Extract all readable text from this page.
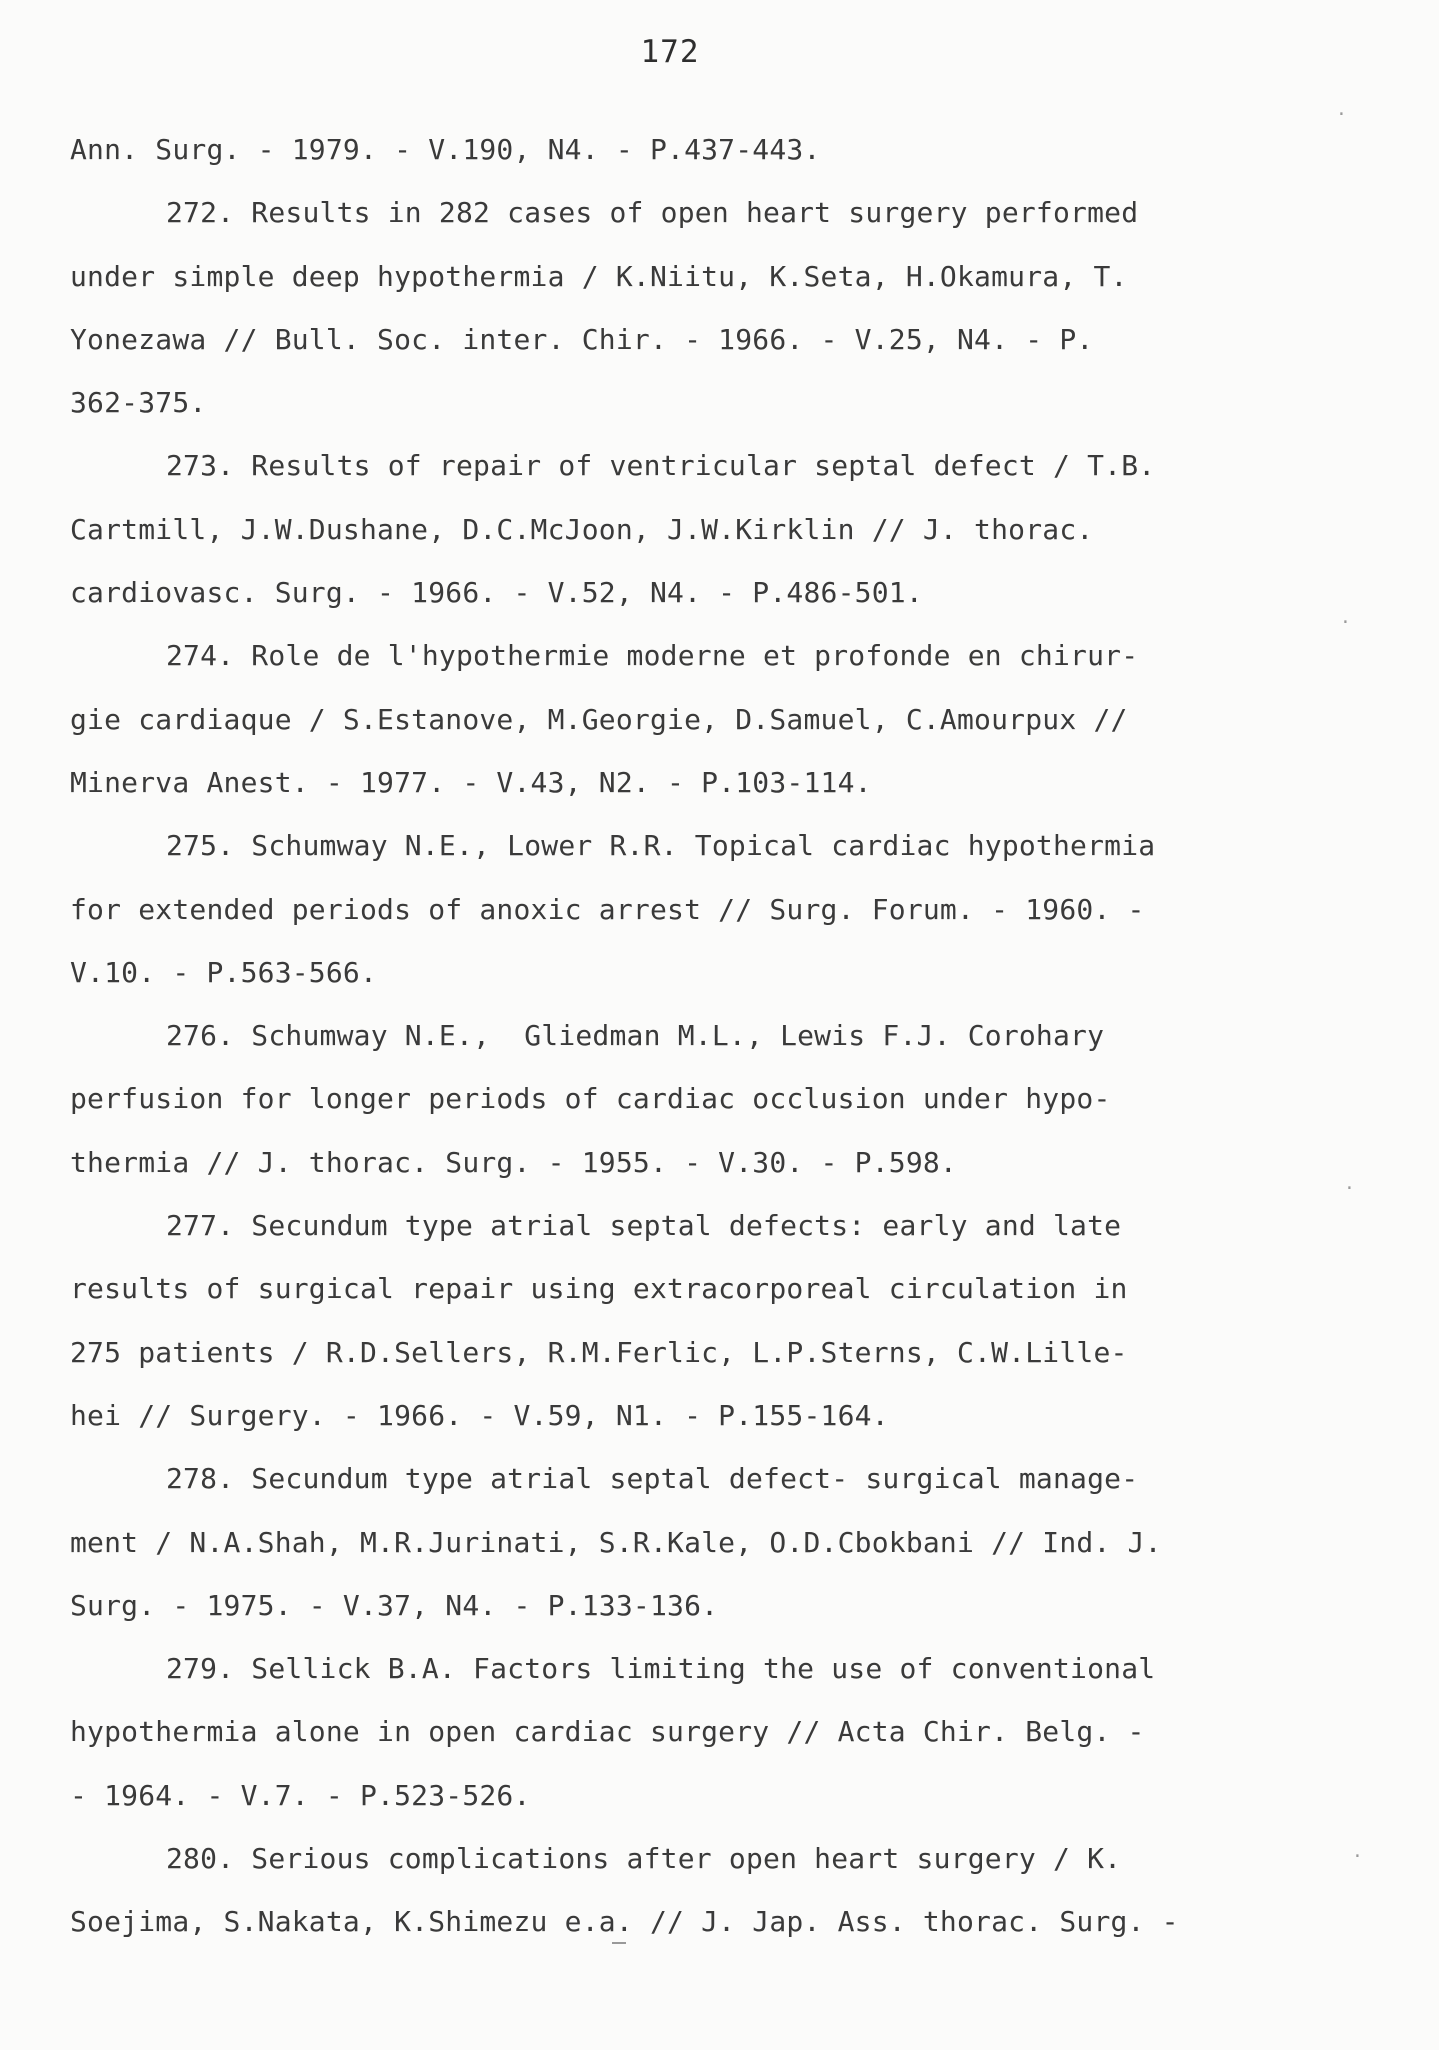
172
Ann. Surg. - 1979. - V.190, N4. - P.437-443.
272. Results in 282 cases of open heart surgery performed
under simple deep hypothermia / K.Niitu, K.Seta, H.Okamura, T.
Yonezawa // Bull. Soc. inter. Chir. - 1966. - V.25, N4. - P.
362-375.
273. Results of repair of ventricular septal defect / T.B.
Cartmill, J.W.Dushane, D.C.McJoon, J.W.Kirklin // J. thorac.
cardiovasc. Surg. - 1966. - V.52, N4. - P.486-501.
274. Role de l'hypothermie moderne et profonde en chirur-
gie cardiaque / S.Estanove, M.Georgie, D.Samuel, C.Amourpux //
Minerva Anest. - 1977. - V.43, N2. - P.103-114.
275. Schumway N.E., Lower R.R. Topical cardiac hypothermia
for extended periods of anoxic arrest // Surg. Forum. - 1960. -
V.10. - P.563-566.
276. Schumway N.E.,  Gliedman M.L., Lewis F.J. Corohary
perfusion for longer periods of cardiac occlusion under hypo-
thermia // J. thorac. Surg. - 1955. - V.30. - P.598.
277. Secundum type atrial septal defects: early and late
results of surgical repair using extracorporeal circulation in
275 patients / R.D.Sellers, R.M.Ferlic, L.P.Sterns, C.W.Lille-
hei // Surgery. - 1966. - V.59, N1. - P.155-164.
278. Secundum type atrial septal defect- surgical manage-
ment / N.A.Shah, M.R.Jurinati, S.R.Kale, O.D.Cbokbani // Ind. J.
Surg. - 1975. - V.37, N4. - P.133-136.
279. Sellick B.A. Factors limiting the use of conventional
hypothermia alone in open cardiac surgery // Acta Chir. Belg. -
- 1964. - V.7. - P.523-526.
280. Serious complications after open heart surgery / K.
Soejima, S.Nakata, K.Shimezu e.a. // J. Jap. Ass. thorac. Surg. -
·
·
·
·
